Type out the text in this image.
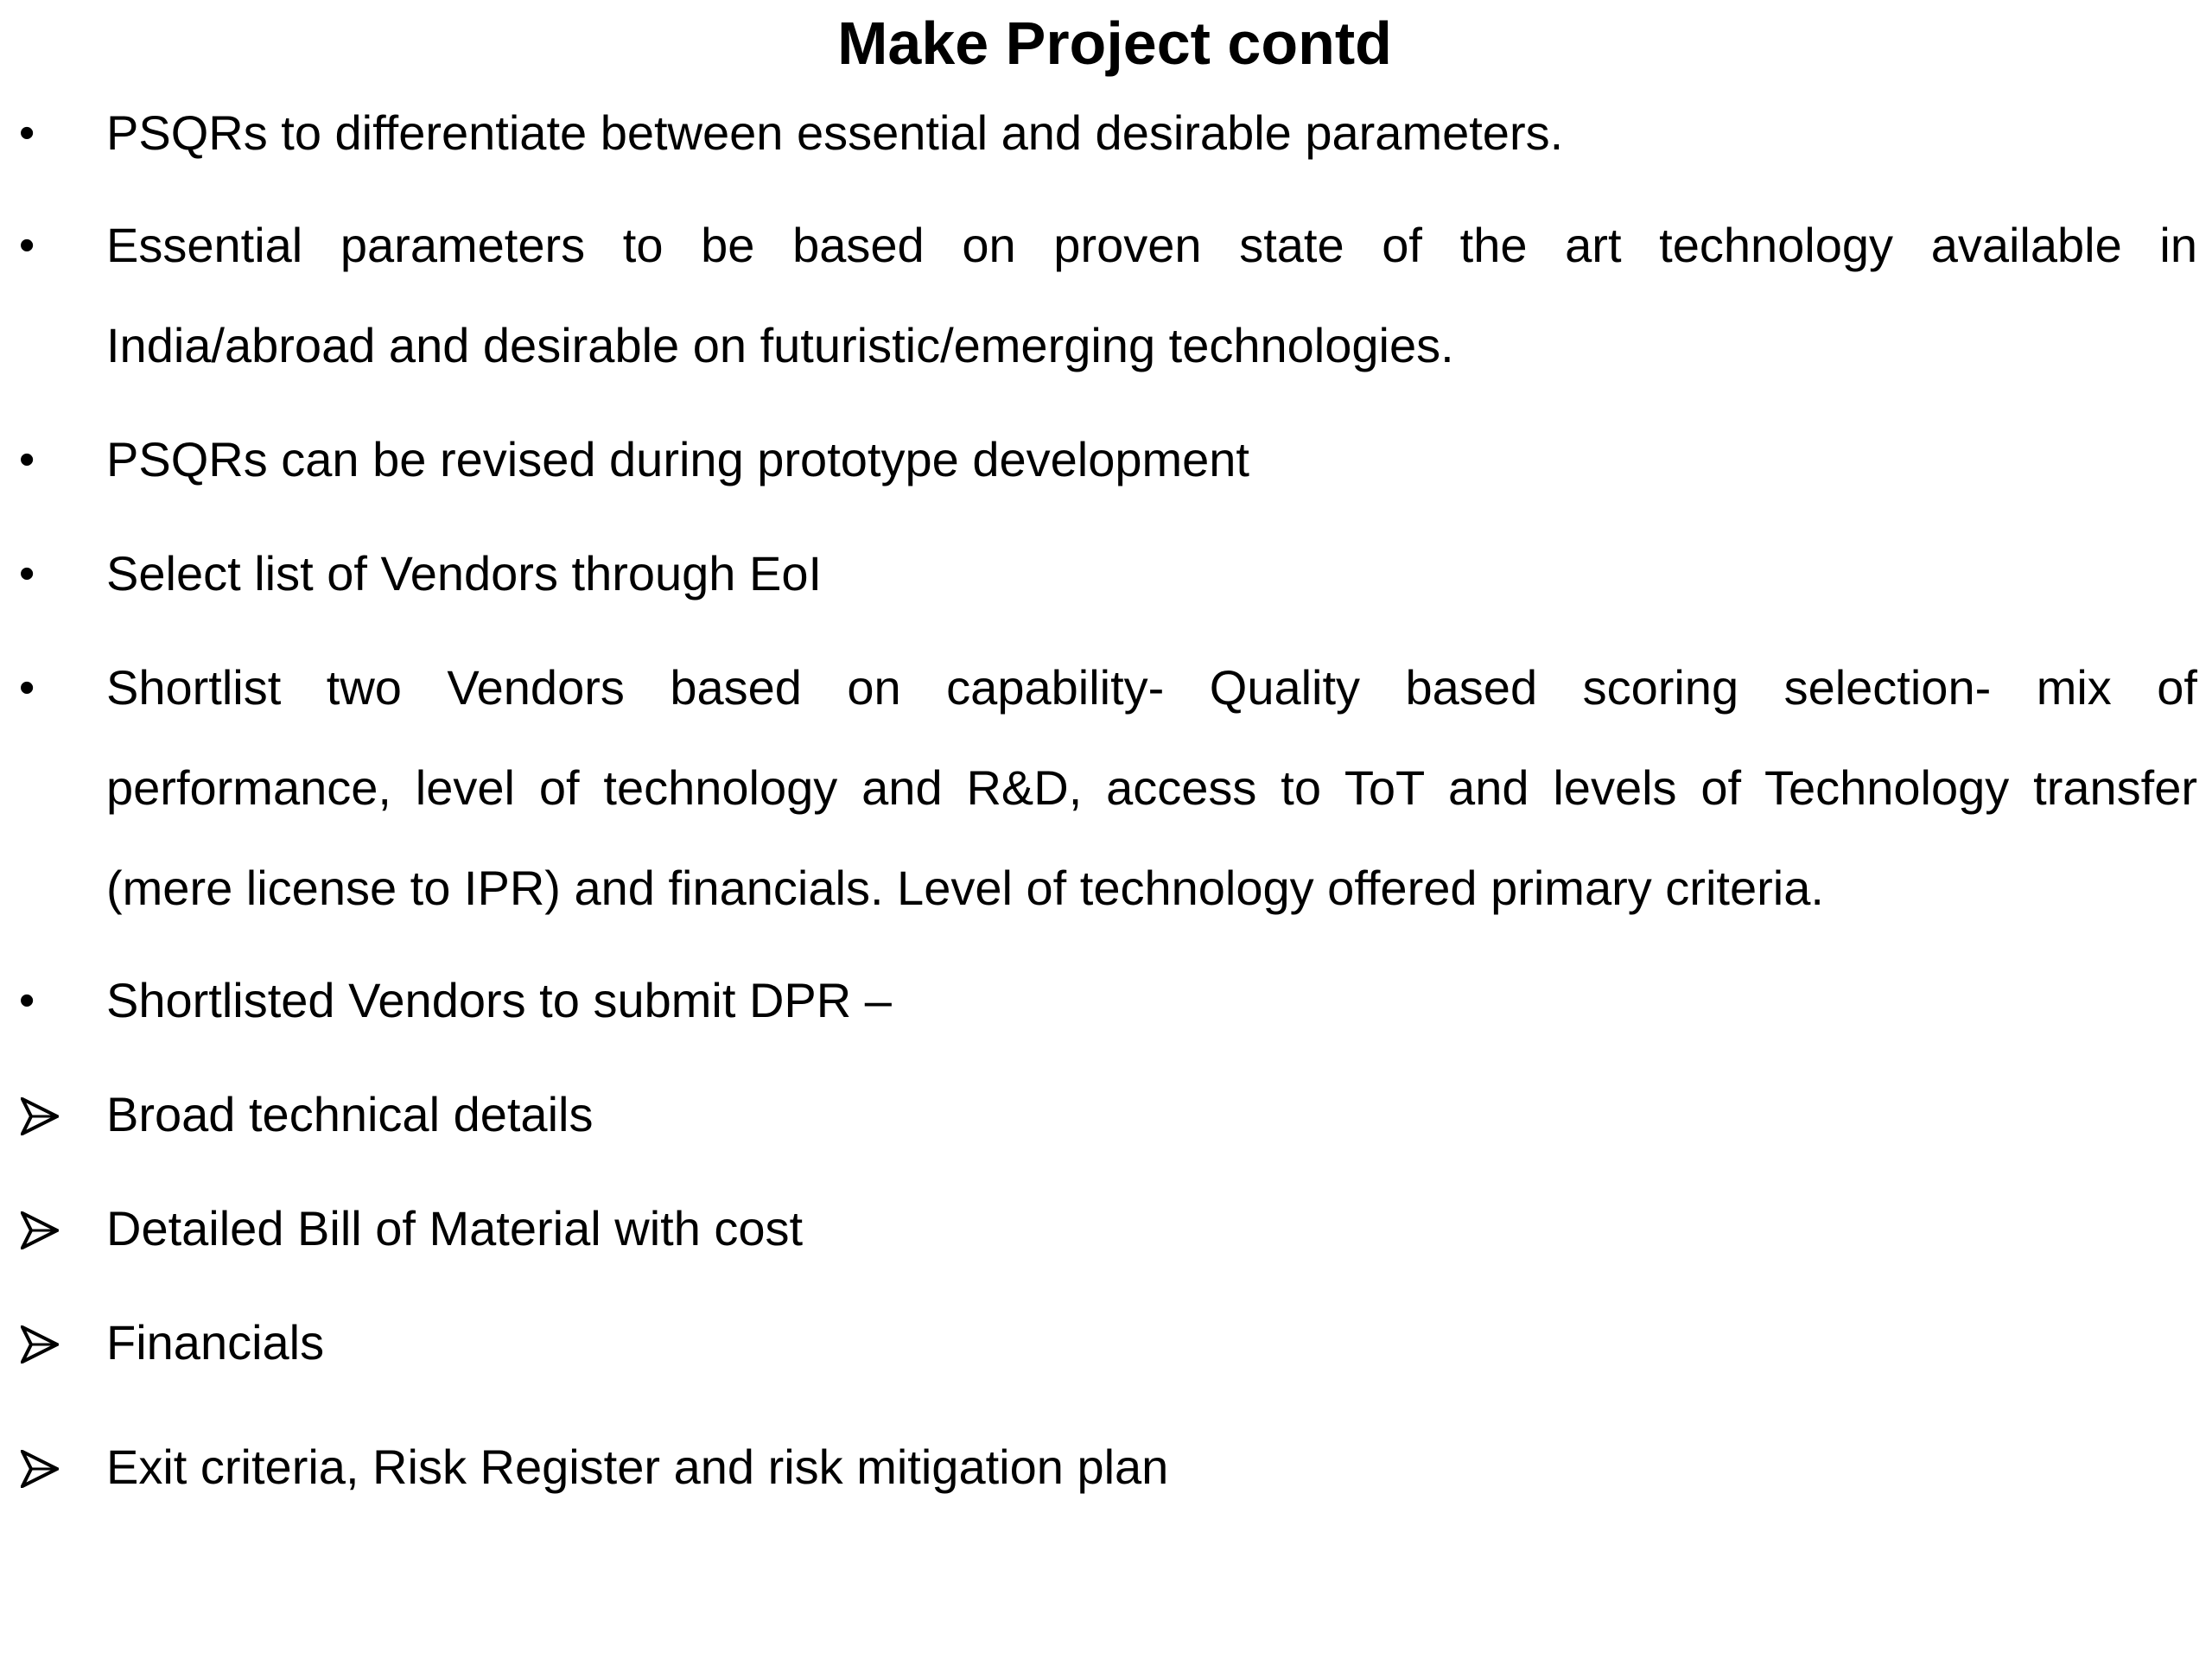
Make Project contd
•	PSQRs to differentiate between essential and desirable parameters.
•	Essential parameters to be based on proven state of the art technology available in
India/abroad and desirable on futuristic/emerging technologies.
•	PSQRs can be revised during prototype development
•	Select list of Vendors through EoI
•	Shortlist two Vendors based on capability- Quality based scoring selection- mix of
performance, level of technology and R&D, access to ToT and levels of Technology transfer
(mere license to IPR) and financials. Level of technology offered primary criteria.
•	Shortlisted Vendors to submit DPR –
Broad technical details
Detailed Bill of Material with cost
Financials
Exit criteria, Risk Register and risk mitigation plan
